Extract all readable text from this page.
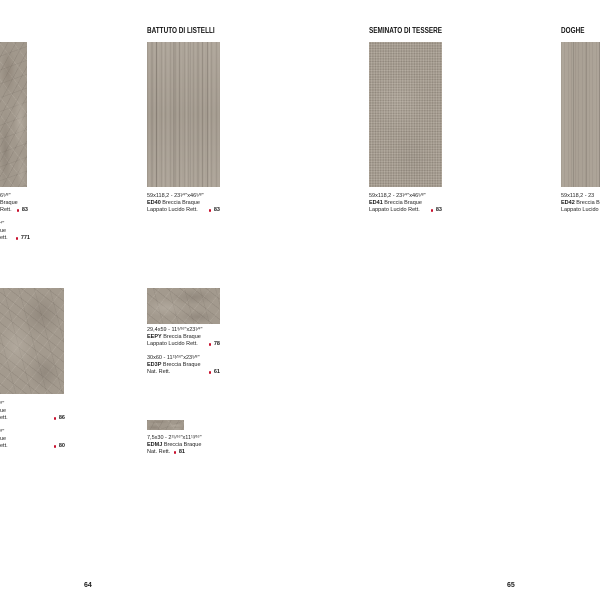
6⁵⁄⁸"
Braque
Rett.	83
⁴"
ue
ett.	771
⁸"
ue
ett.	86
⁸"
ue
ett.	80
BATTUTO DI LISTELLI
59x118,2 - 23¹⁄⁴"x46⁵⁄⁸"
ED40 Breccia Braque
Lappato Lucido Rett.	83
29,4x59 - 11⁹⁄¹⁶"x23¹⁄⁴"
EEPY Breccia Braque
Lappato Lucido Rett.	78
30x60 - 11¹³⁄¹⁶"x23⁵⁄⁸"
ED3P Breccia Braque
Nat. Rett.	61
7,5x30 - 2¹⁵⁄¹⁶"x11¹³⁄¹⁶"
EDMJ Breccia Braque
Nat. Rett.	81
64
SEMINATO DI TESSERE
59x118,2 - 23¹⁄⁴"x46⁵⁄⁸"
ED41 Breccia Braque
Lappato Lucido Rett.	83
DOGHE
59x118,2 - 23
ED42 Breccia B
Lappato Lucido
65
